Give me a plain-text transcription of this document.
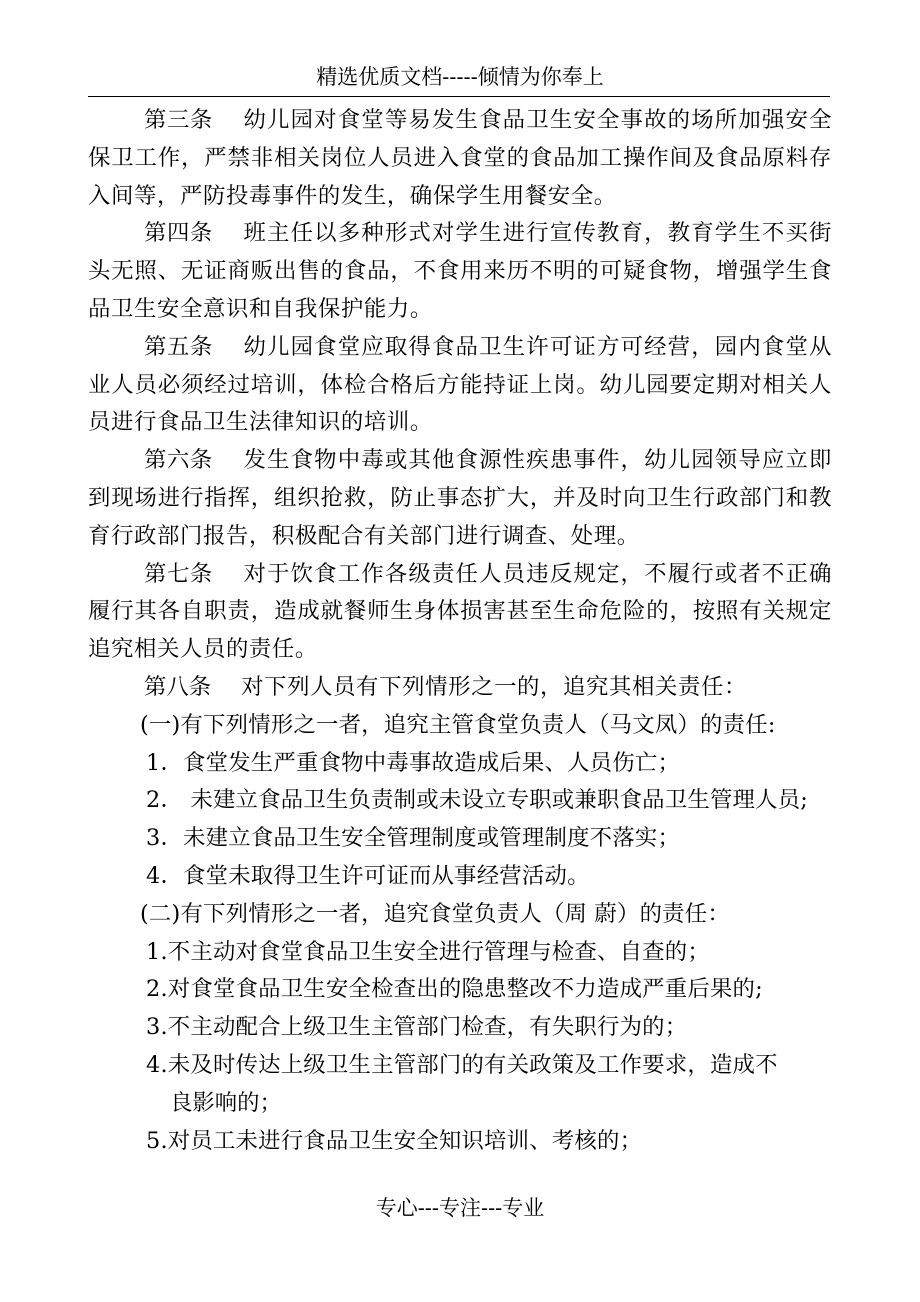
精选优质文档-----倾情为你奉上

第三条 幼儿园对食堂等易发生食品卫生安全事故的场所加强安全保卫工作，严禁非相关岗位人员进入食堂的食品加工操作间及食品原料存入间等，严防投毒事件的发生，确保学生用餐安全。

第四条 班主任以多种形式对学生进行宣传教育，教育学生不买街头无照、无证商贩出售的食品，不食用来历不明的可疑食物，增强学生食品卫生安全意识和自我保护能力。

第五条 幼儿园食堂应取得食品卫生许可证方可经营，园内食堂从业人员必须经过培训，体检合格后方能持证上岗。幼儿园要定期对相关人员进行食品卫生法律知识的培训。

第六条 发生食物中毒或其他食源性疾患事件，幼儿园领导应立即到现场进行指挥，组织抢救，防止事态扩大，并及时向卫生行政部门和教育行政部门报告，积极配合有关部门进行调查、处理。

第七条 对于饮食工作各级责任人员违反规定，不履行或者不正确履行其各自职责，造成就餐师生身体损害甚至生命危险的，按照有关规定追究相关人员的责任。

第八条 对下列人员有下列情形之一的，追究其相关责任：

(一)有下列情形之一者，追究主管食堂负责人（马文凤）的责任:
1．食堂发生严重食物中毒事故造成后果、人员伤亡；
2． 未建立食品卫生负责制或未设立专职或兼职食品卫生管理人员;
3．未建立食品卫生安全管理制度或管理制度不落实；
4．食堂未取得卫生许可证而从事经营活动。
(二)有下列情形之一者，追究食堂负责人（周 蔚）的责任：
1.不主动对食堂食品卫生安全进行管理与检查、自查的；
2.对食堂食品卫生安全检查出的隐患整改不力造成严重后果的;
3.不主动配合上级卫生主管部门检查，有失职行为的；
4.未及时传达上级卫生主管部门的有关政策及工作要求，造成不
良影响的；
5.对员工未进行食品卫生安全知识培训、考核的；
专心---专注---专业
